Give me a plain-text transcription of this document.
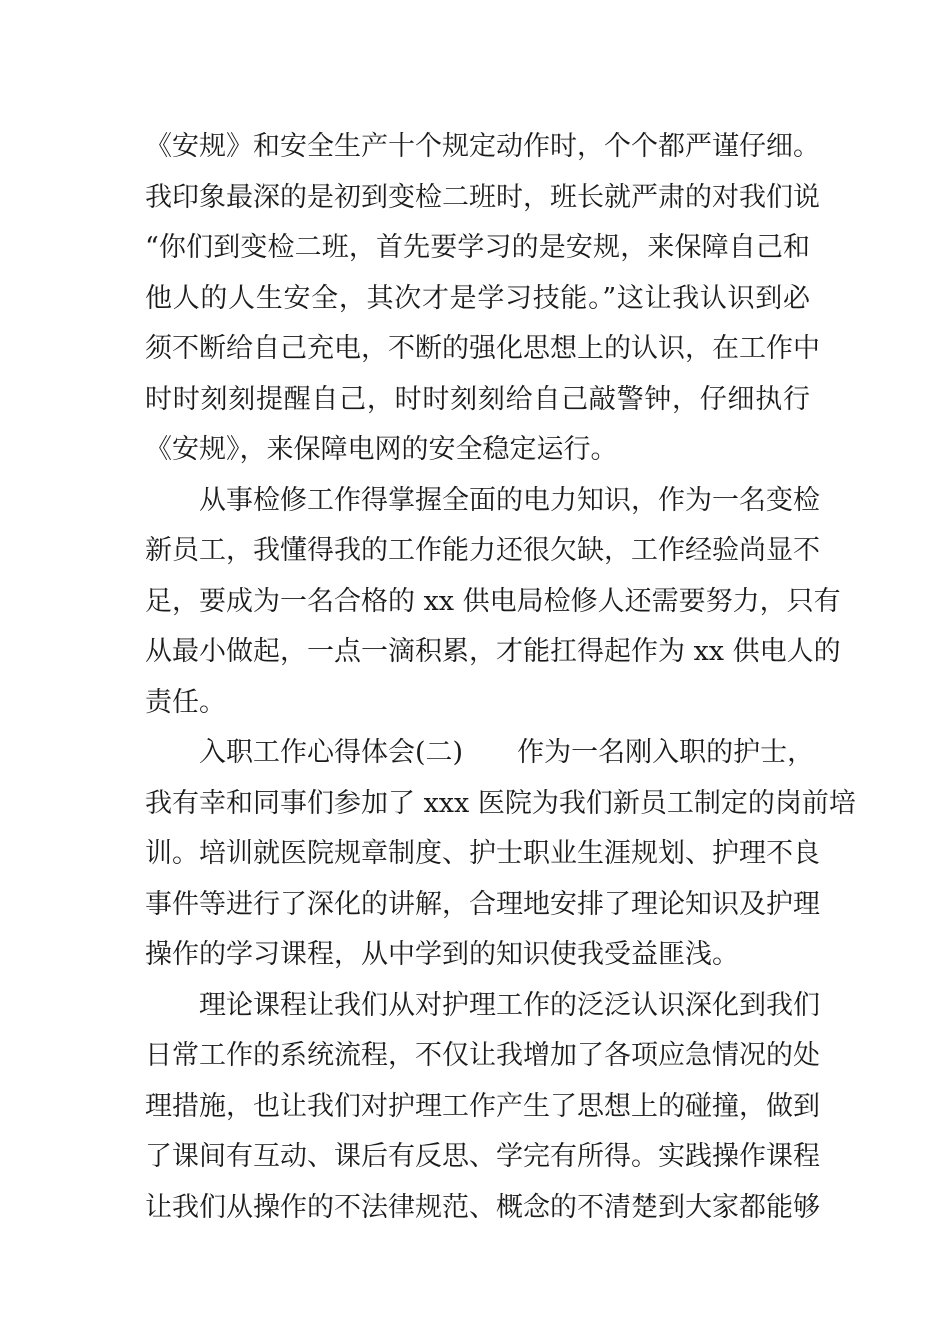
《安规》和安全生产十个规定动作时，个个都严谨仔细。
我印象最深的是初到变检二班时，班长就严肃的对我们说
“你们到变检二班，首先要学习的是安规，来保障自己和
他人的人生安全，其次才是学习技能。”这让我认识到必
须不断给自己充电，不断的强化思想上的认识，在工作中
时时刻刻提醒自己，时时刻刻给自己敲警钟，仔细执行
《安规》，来保障电网的安全稳定运行。
从事检修工作得掌握全面的电力知识，作为一名变检
新员工，我懂得我的工作能力还很欠缺，工作经验尚显不
足，要成为一名合格的 xx 供电局检修人还需要努力，只有
从最小做起，一点一滴积累，才能扛得起作为 xx 供电人的
责任。
入职工作心得体会(二)　　作为一名刚入职的护士，
我有幸和同事们参加了 xxx 医院为我们新员工制定的岗前培
训。培训就医院规章制度、护士职业生涯规划、护理不良
事件等进行了深化的讲解，合理地安排了理论知识及护理
操作的学习课程，从中学到的知识使我受益匪浅。
理论课程让我们从对护理工作的泛泛认识深化到我们
日常工作的系统流程，不仅让我增加了各项应急情况的处
理措施，也让我们对护理工作产生了思想上的碰撞，做到
了课间有互动、课后有反思、学完有所得。实践操作课程
让我们从操作的不法律规范、概念的不清楚到大家都能够
